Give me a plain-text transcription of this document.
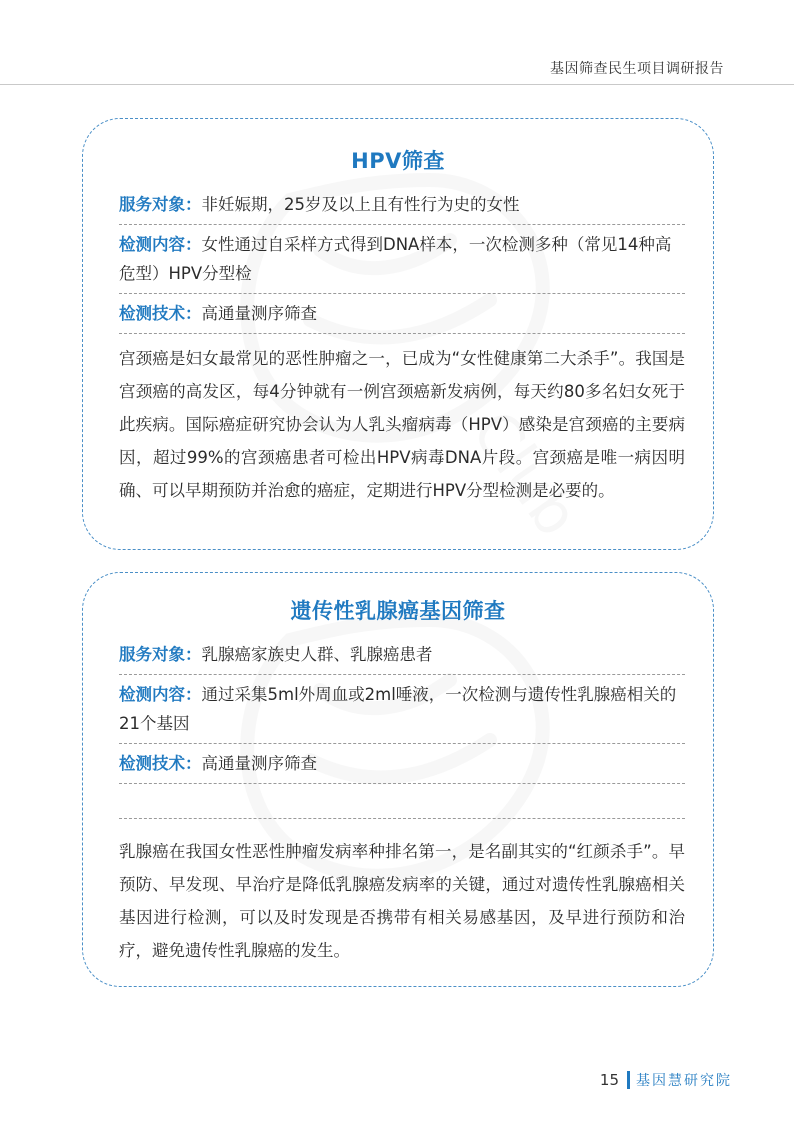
基因筛查民生项目调研报告
HPV筛查
服务对象：非妊娠期，25岁及以上且有性行为史的女性
检测内容：女性通过自采样方式得到DNA样本，一次检测多种（常见14种高危型）HPV分型检
检测技术：高通量测序筛查
宫颈癌是妇女最常见的恶性肿瘤之一，已成为“女性健康第二大杀手”。我国是宫颈癌的高发区，每4分钟就有一例宫颈癌新发病例，每天约80多名妇女死于此疾病。国际癌症研究协会认为人乳头瘤病毒（HPV）感染是宫颈癌的主要病因，超过99%的宫颈癌患者可检出HPV病毒DNA片段。宫颈癌是唯一病因明确、可以早期预防并治愈的癌症，定期进行HPV分型检测是必要的。
遗传性乳腺癌基因筛查
服务对象：乳腺癌家族史人群、乳腺癌患者
检测内容：通过采集5ml外周血或2ml唾液，一次检测与遗传性乳腺癌相关的21个基因
检测技术：高通量测序筛查
乳腺癌在我国女性恶性肿瘤发病率种排名第一，是名副其实的“红颜杀手”。早预防、早发现、早治疗是降低乳腺癌发病率的关键，通过对遗传性乳腺癌相关基因进行检测，可以及时发现是否携带有相关易感基因，及早进行预防和治疗，避免遗传性乳腺癌的发生。
15 基因慧研究院
